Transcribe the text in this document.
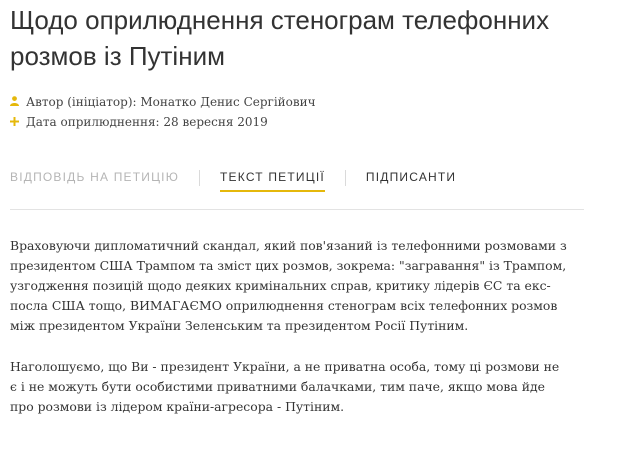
Щодо оприлюднення стенограм телефонних розмов із Путіним
Автор (ініціатор): Монатко Денис Сергійович
Дата оприлюднення: 28 вересня 2019
ВІДПОВІДЬ НА ПЕТИЦІЮ	ТЕКСТ ПЕТИЦІЇ	ПІДПИСАНТИ

Враховуючи дипломатичний скандал, який пов'язаний із телефонними розмовами з президентом США Трампом та зміст цих розмов, зокрема: "загравання" із Трампом, узгодження позицій щодо деяких кримінальних справ, критику лідерів ЄС та екс-посла США тощо, ВИМАГАЄМО оприлюднення стенограм всіх телефонних розмов між президентом України Зеленським та президентом Росії Путіним.

Наголошуємо, що Ви - президент України, а не приватна особа, тому ці розмови не є і не можуть бути особистими приватними балачками, тим паче, якщо мова йде про розмови із лідером країни-агресора - Путіним.
